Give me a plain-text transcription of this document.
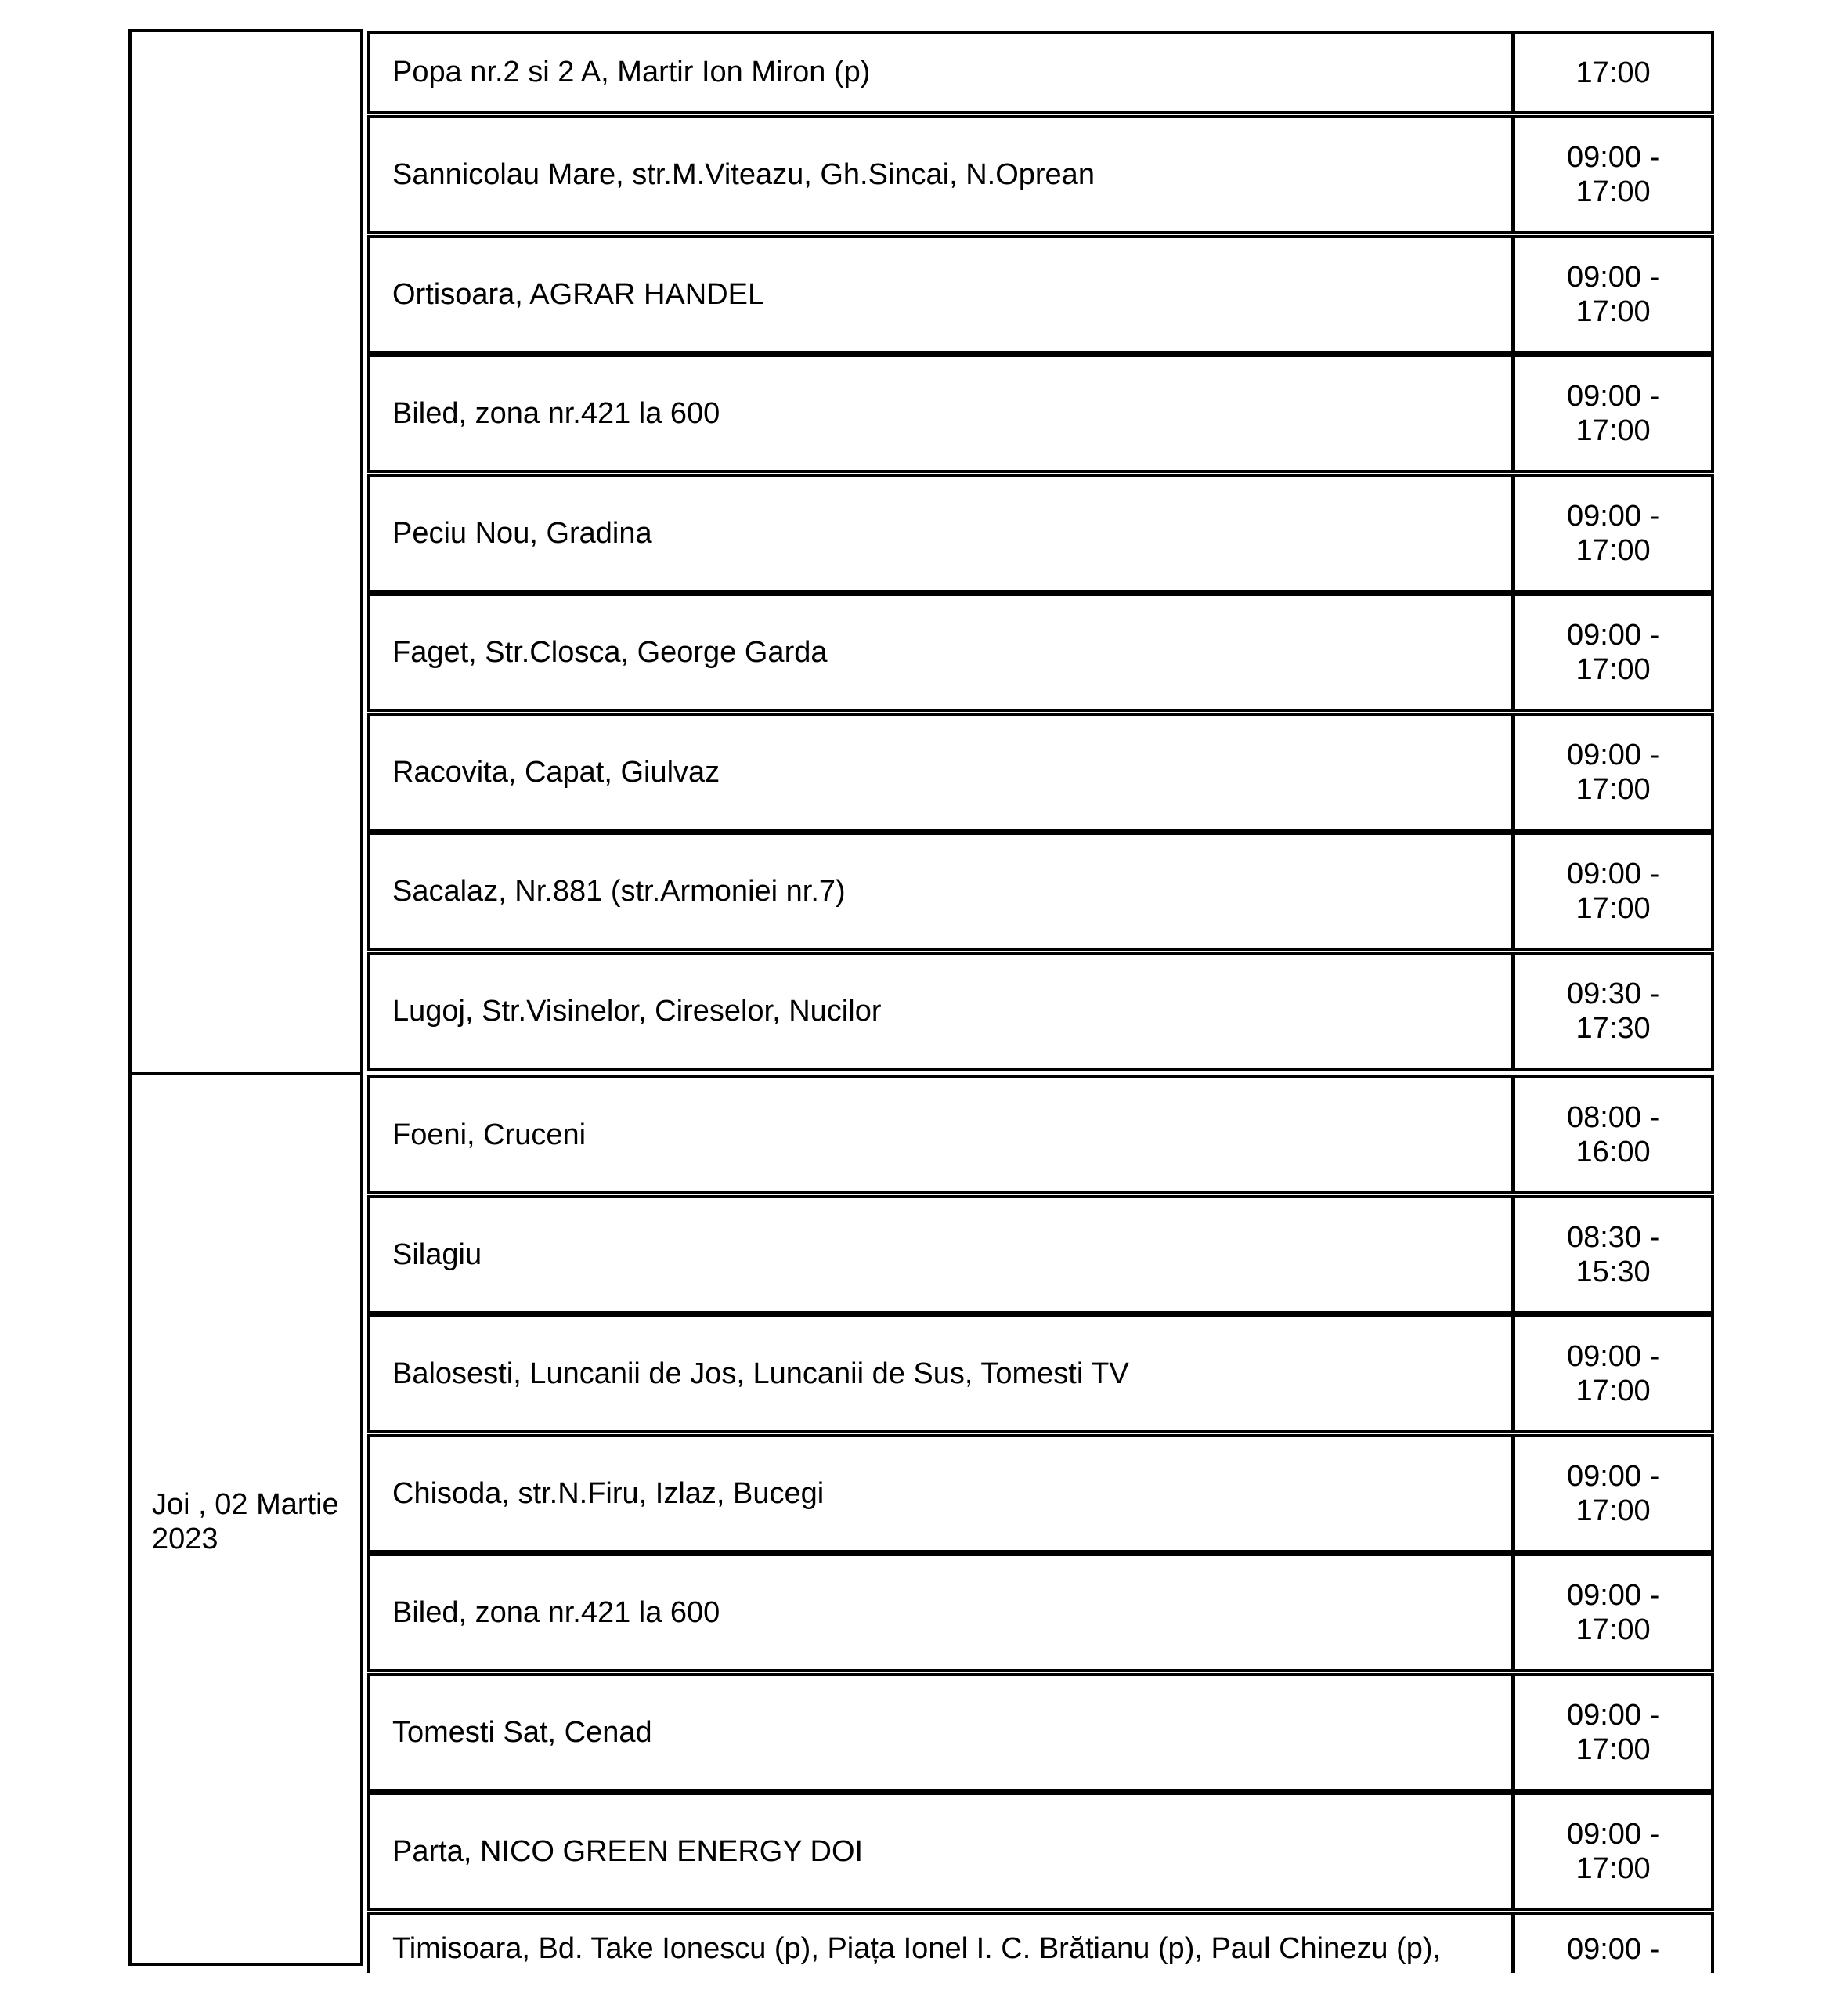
Joi , 02 Martie
2023
Popa nr.2 si 2 A, Martir Ion Miron (p)	17:00
Sannicolau Mare, str.M.Viteazu, Gh.Sincai, N.Oprean
09:00 -
17:00
Ortisoara, AGRAR HANDEL
09:00 -
17:00
Biled, zona nr.421 la 600
09:00 -
17:00
Peciu Nou, Gradina
09:00 -
17:00
Faget, Str.Closca, George Garda
09:00 -
17:00
Racovita, Capat, Giulvaz
09:00 -
17:00
Sacalaz, Nr.881 (str.Armoniei nr.7)
09:00 -
17:00
Lugoj, Str.Visinelor, Cireselor, Nucilor
09:30 -
17:30
Foeni, Cruceni
08:00 -
16:00
Silagiu
08:30 -
15:30
Balosesti, Luncanii de Jos, Luncanii de Sus, Tomesti TV
09:00 -
17:00
Chisoda, str.N.Firu, Izlaz, Bucegi
09:00 -
17:00
Biled, zona nr.421 la 600
09:00 -
17:00
Tomesti Sat, Cenad
09:00 -
17:00
Parta, NICO GREEN ENERGY DOI
09:00 -
17:00
Timisoara, Bd. Take Ionescu (p), Piața Ionel I. C. Brătianu (p), Paul Chinezu (p),	09:00 -
